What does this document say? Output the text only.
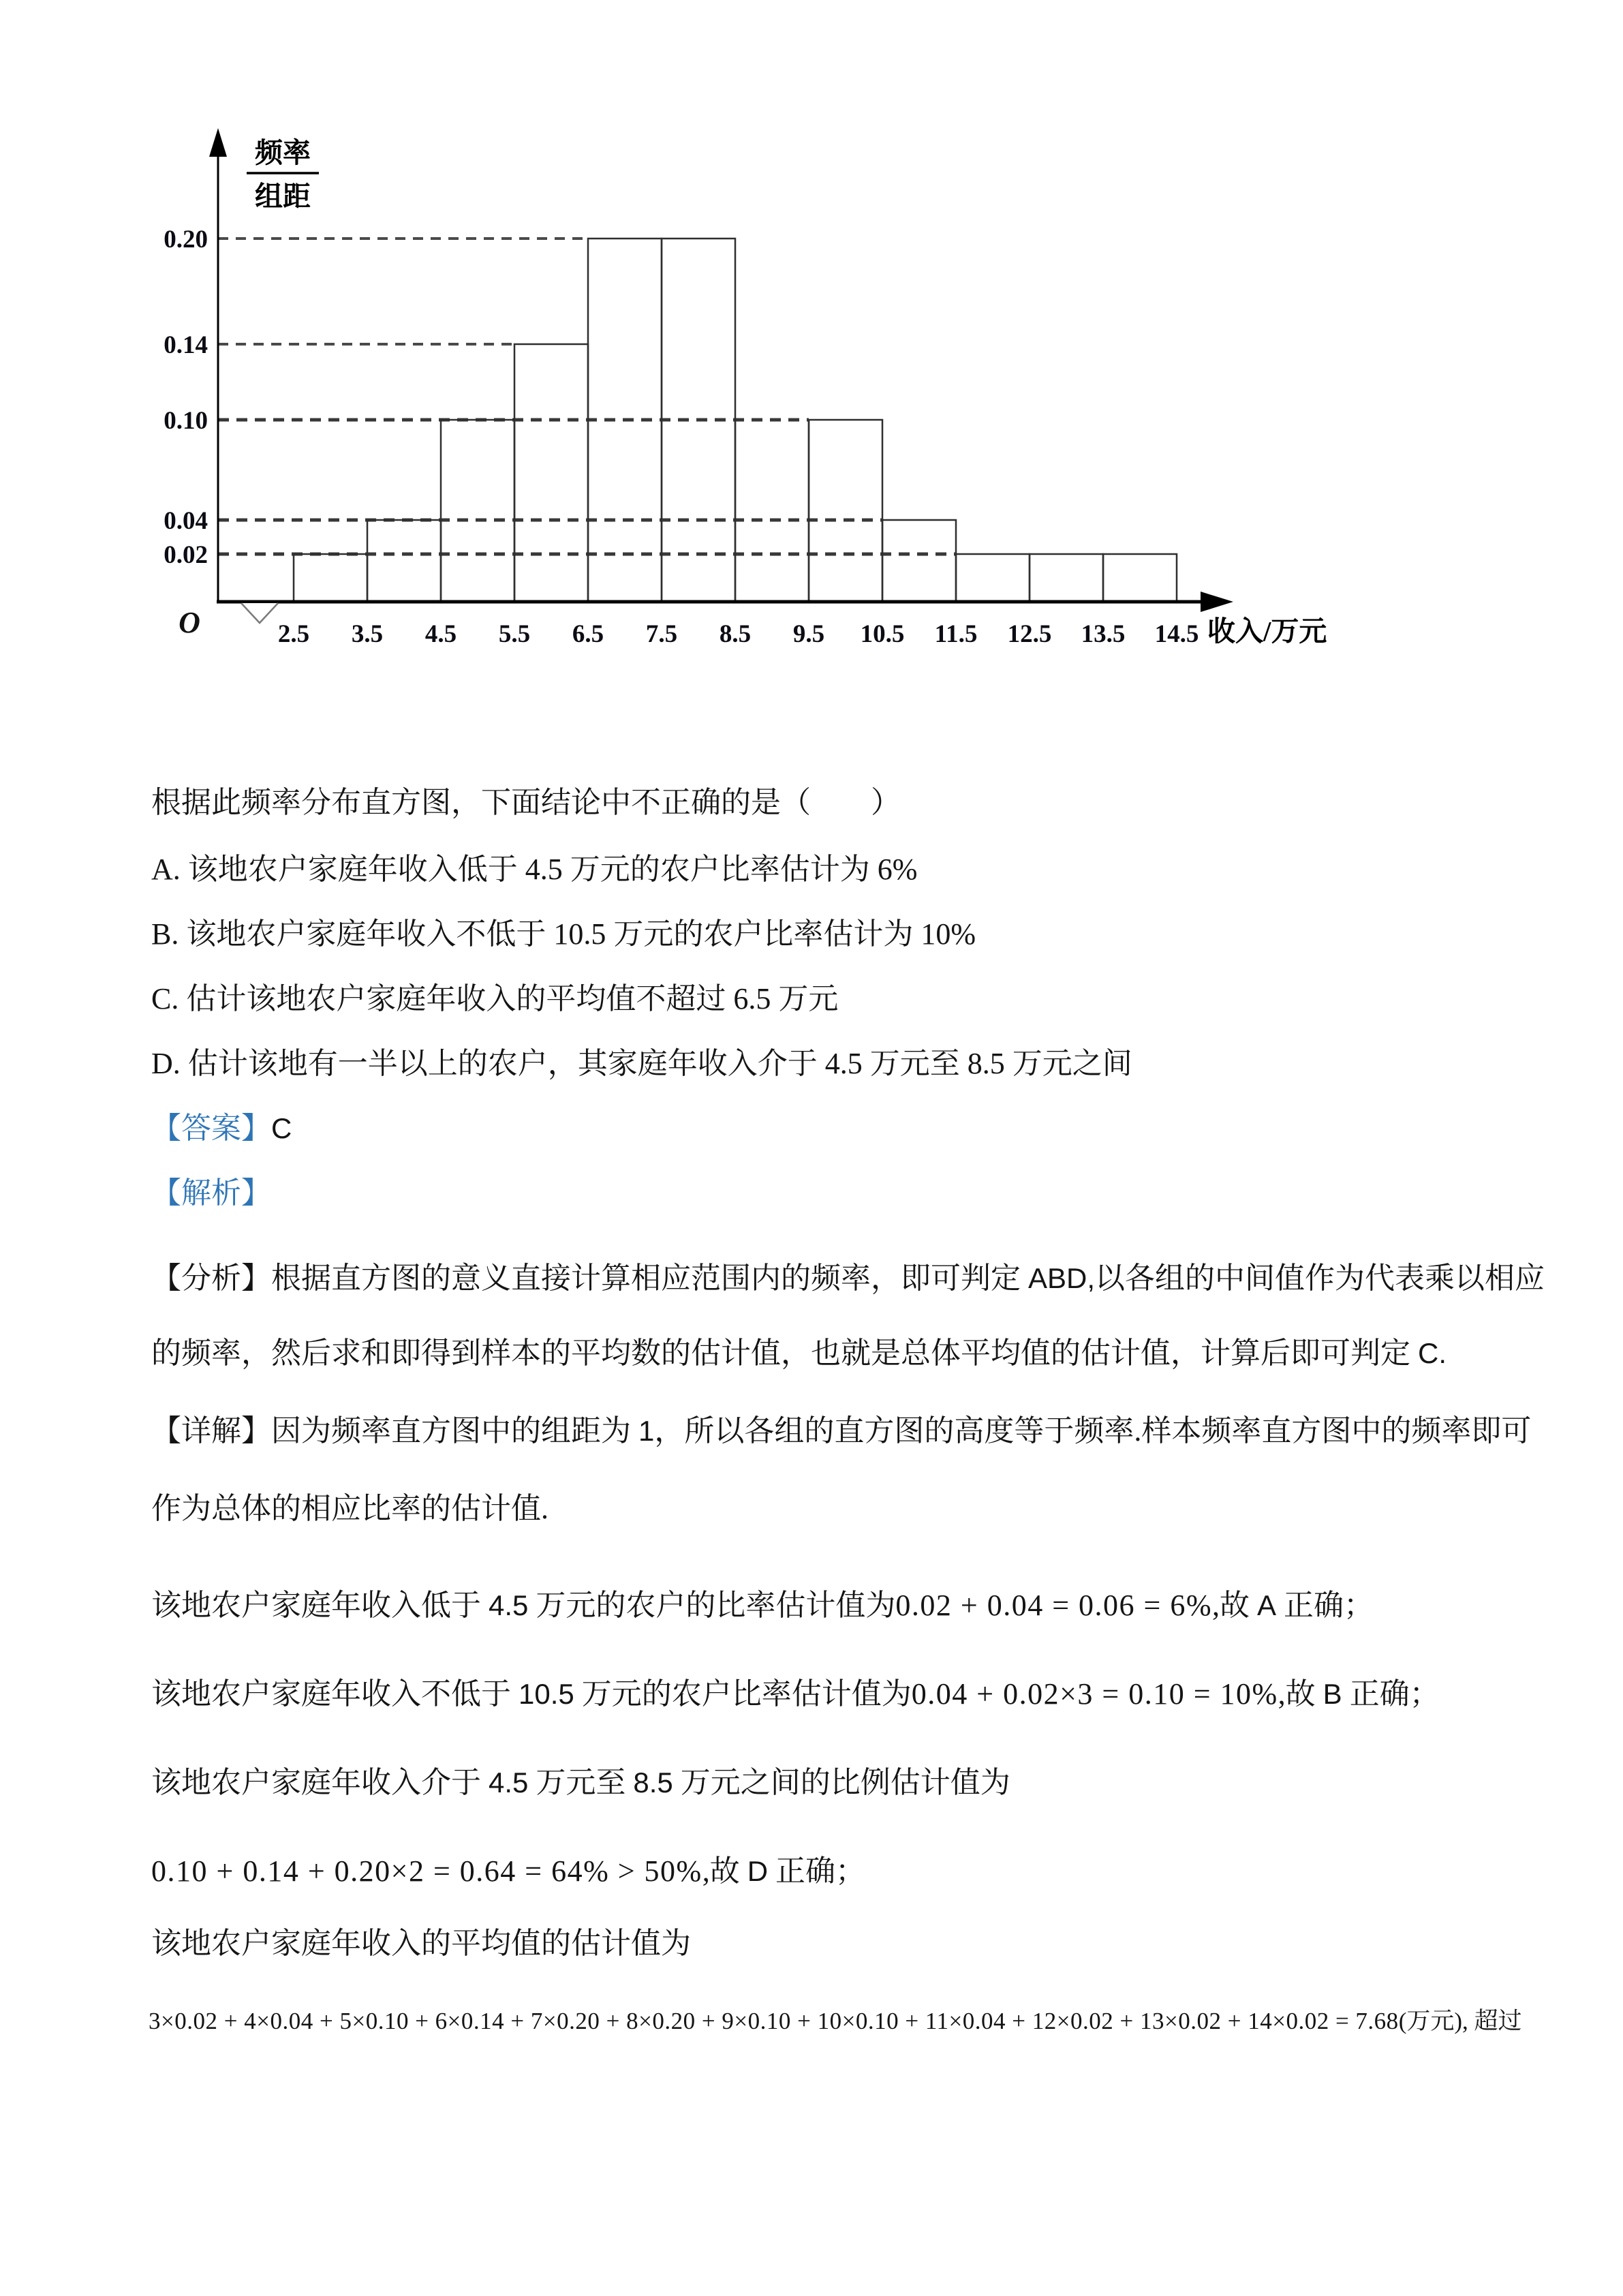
0.20
0.14
0.10
0.04
0.02
O	2.5 3.5 4.5 5.5 6.5 7.5 8.5 9.5 10.5 11.5 12.5 13.5 14.5 收入/万元
频率
组距
根据此频率分布直方图，下面结论中不正确的是（　　）
A. 该地农户家庭年收入低于 4.5 万元的农户比率估计为 6%
B. 该地农户家庭年收入不低于 10.5 万元的农户比率估计为 10%
C. 估计该地农户家庭年收入的平均值不超过 6.5 万元
D. 估计该地有一半以上的农户，其家庭年收入介于 4.5 万元至 8.5 万元之间
【答案】C
【解析】
【分析】根据直方图的意义直接计算相应范围内的频率，即可判定 ABD,以各组的中间值作为代表乘以相应
的频率，然后求和即得到样本的平均数的估计值，也就是总体平均值的估计值，计算后即可判定 C.
【详解】因为频率直方图中的组距为 1，所以各组的直方图的高度等于频率.样本频率直方图中的频率即可
作为总体的相应比率的估计值.
该地农户家庭年收入低于 4.5 万元的农户的比率估计值为0.02 + 0.04 = 0.06 = 6%,故 A 正确；
该地农户家庭年收入不低于 10.5 万元的农户比率估计值为0.04 + 0.02×3 = 0.10 = 10%,故 B 正确；
该地农户家庭年收入介于 4.5 万元至 8.5 万元之间的比例估计值为
0.10 + 0.14 + 0.20×2 = 0.64 = 64% > 50%,故 D 正确；
该地农户家庭年收入的平均值的估计值为
3×0.02 + 4×0.04 + 5×0.10 + 6×0.14 + 7×0.20 + 8×0.20 + 9×0.10 + 10×0.10 + 11×0.04 + 12×0.02 + 13×0.02 + 14×0.02 = 7.68(万元), 超过
